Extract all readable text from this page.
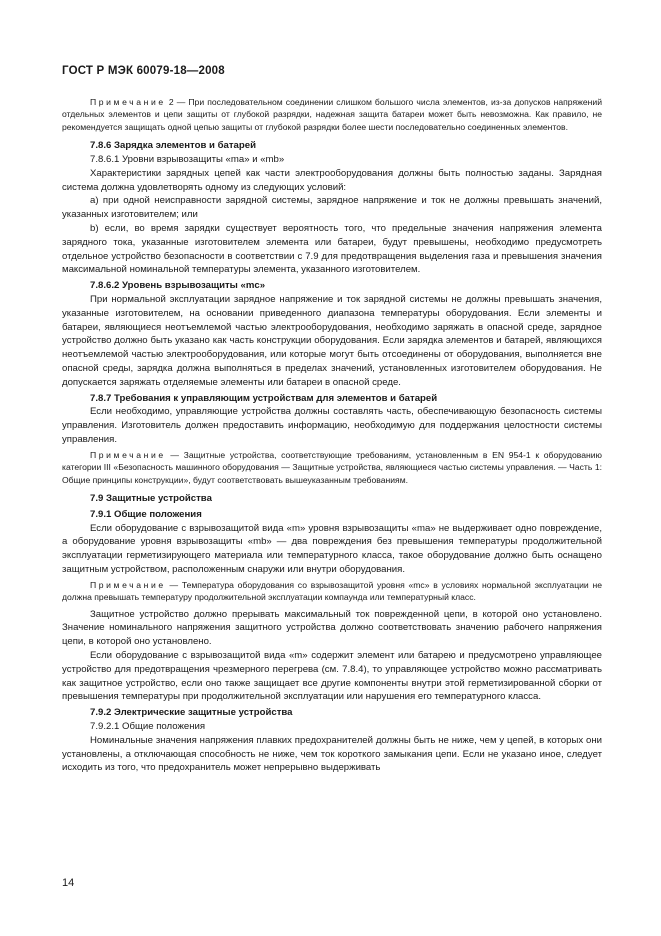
ГОСТ Р МЭК 60079-18—2008

Примечание 2 — При последовательном соединении слишком большого числа элементов, из-за допусков напряжений отдельных элементов и цепи защиты от глубокой разрядки, надежная защита батареи может быть невозможна. Как правило, не рекомендуется защищать одной цепью защиты от глубокой разрядки более шести последовательно соединенных элементов.

7.8.6 Зарядка элементов и батарей

7.8.6.1 Уровни взрывозащиты «ma» и «mb»

Характеристики зарядных цепей как части электрооборудования должны быть полностью заданы. Зарядная система должна удовлетворять одному из следующих условий:

а) при одной неисправности зарядной системы, зарядное напряжение и ток не должны превышать значений, указанных изготовителем; или

b) если, во время зарядки существует вероятность того, что предельные значения напряжения элемента зарядного тока, указанные изготовителем элемента или батареи, будут превышены, необходимо предусмотреть отдельное устройство безопасности в соответствии с 7.9 для предотвращения выделения газа и превышения значения максимальной номинальной температуры элемента, указанного изготовителем.

7.8.6.2 Уровень взрывозащиты «mc»

При нормальной эксплуатации зарядное напряжение и ток зарядной системы не должны превышать значения, указанные изготовителем, на основании приведенного диапазона температуры оборудования. Если элементы и батареи, являющиеся неотъемлемой частью электрооборудования, необходимо заряжать в опасной среде, зарядное устройство должно быть указано как часть конструкции оборудования. Если зарядка элементов и батарей, являющихся неотъемлемой частью электрооборудования, или которые могут быть отсоединены от оборудования, выполняется вне опасной среды, зарядка должна выполняться в пределах значений, установленных изготовителем оборудования. Не допускается заряжать отделяемые элементы или батареи в опасной среде.

7.8.7 Требования к управляющим устройствам для элементов и батарей

Если необходимо, управляющие устройства должны составлять часть, обеспечивающую безопасность системы управления. Изготовитель должен предоставить информацию, необходимую для поддержания целостности системы управления.

Примечание — Защитные устройства, соответствующие требованиям, установленным в EN 954-1 к оборудованию категории III «Безопасность машинного оборудования — Защитные устройства, являющиеся частью системы управления. — Часть 1: Общие принципы конструкции», будут соответствовать вышеуказанным требованиям.

7.9 Защитные устройства

7.9.1 Общие положения

Если оборудование с взрывозащитой вида «m» уровня взрывозащиты «ma» не выдерживает одно повреждение, а оборудование уровня взрывозащиты «mb» — два повреждения без превышения температуры продолжительной эксплуатации герметизирующего материала или температурного класса, такое оборудование должно быть оснащено защитным устройством, расположенным снаружи или внутри оборудования.

Примечание — Температура оборудования со взрывозащитой уровня «mc» в условиях нормальной эксплуатации не должна превышать температуру продолжительной эксплуатации компаунда или температурный класс.

Защитное устройство должно прерывать максимальный ток поврежденной цепи, в которой оно установлено. Значение номинального напряжения защитного устройства должно соответствовать значению рабочего напряжения цепи, в которой оно установлено.

Если оборудование с взрывозащитой вида «m» содержит элемент или батарею и предусмотрено управляющее устройство для предотвращения чрезмерного перегрева (см. 7.8.4), то управляющее устройство можно рассматривать как защитное устройство, если оно также защищает все другие компоненты внутри этой герметизированной сборки от превышения температуры при продолжительной эксплуатации или нарушения его температурного класса.

7.9.2 Электрические защитные устройства

7.9.2.1 Общие положения

Номинальные значения напряжения плавких предохранителей должны быть не ниже, чем у цепей, в которых они установлены, а отключающая способность не ниже, чем ток короткого замыкания цепи. Если не указано иное, следует исходить из того, что предохранитель может непрерывно выдерживать

14
